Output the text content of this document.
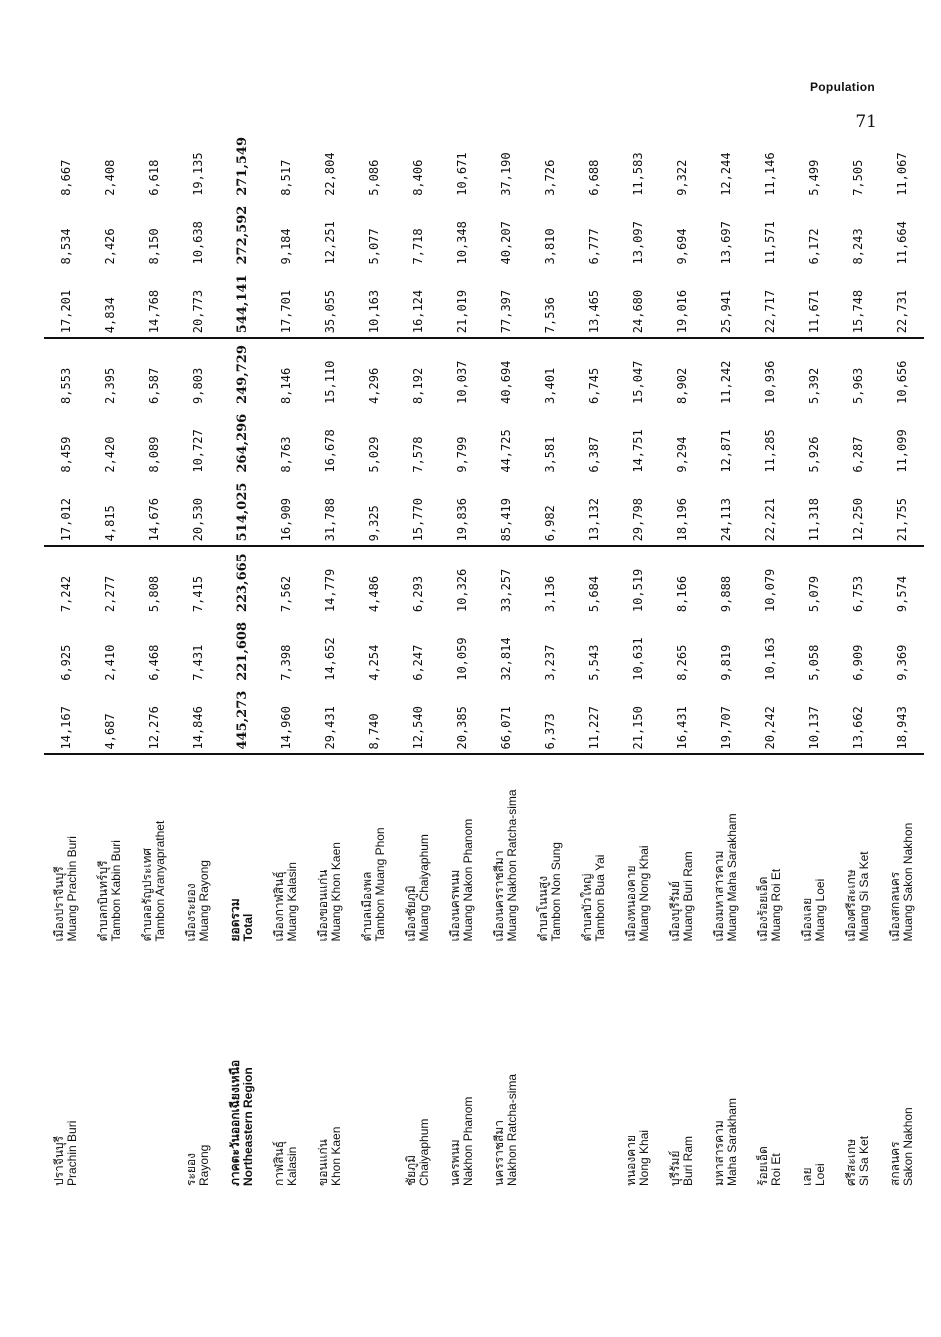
Population
71
ปราจีนบุรี Prachin Buri	เมืองปราจีนบุรี Muang Prachin Buri	14,167	6,925	7,242	17,012	8,459	8,553	17,201	8,534	8,667

	ตำบลกบินทร์บุรี Tambon Kabin Buri	4,687	2,410	2,277	4,815	2,420	2,395	4,834	2,426	2,408

	ตำบลอรัญประเทศ Tambon Aranyaprathet	12,276	6,468	5,808	14,676	8,089	6,587	14,768	8,150	6,618

ระยอง Rayong	เมืองระยอง Muang Rayong	14,846	7,431	7,415	20,530	10,727	9,803	20,773	10,638	19,135

ภาคตะวันออกเฉียงเหนือ Northeastern Region	ยอดรวม Total	445,273	221,608	223,665	514,025	264,296	249,729	544,141	272,592	271,549

กาฬสินธุ์ Kalasin	เมืองกาฬสินธุ์ Muang Kalasin	14,960	7,398	7,562	16,909	8,763	8,146	17,701	9,184	8,517

ขอนแก่น Khon Kaen	เมืองขอนแก่น Muang Khon Kaen	29,431	14,652	14,779	31,788	16,678	15,110	35,055	12,251	22,804

	ตำบลเมืองพล Tambon Muang Phon	8,740	4,254	4,486	9,325	5,029	4,296	10,163	5,077	5,086

ชัยภูมิ Chaiyaphum	เมืองชัยภูมิ Muang Chaiyaphum	12,540	6,247	6,293	15,770	7,578	8,192	16,124	7,718	8,406

นครพนม Nakhon Phanom	เมืองนครพนม Muang Nakon Phanom	20,385	10,059	10,326	19,836	9,799	10,037	21,019	10,348	10,671

นครราชสีมา Nakhon Ratcha-sima	เมืองนครราชสีมา Muang Nakhon Ratcha-sima	66,071	32,814	33,257	85,419	44,725	40,694	77,397	40,207	37,190

	ตำบลโนนสูง Tambon Non Sung	6,373	3,237	3,136	6,982	3,581	3,401	7,536	3,810	3,726

	ตำบลบัวใหญ่ Tambon Bua Yai	11,227	5,543	5,684	13,132	6,387	6,745	13,465	6,777	6,688

หนองคาย Nong Khai	เมืองหนองคาย Muang Nong Khai	21,150	10,631	10,519	29,798	14,751	15,047	24,680	13,097	11,583

บุรีรัมย์ Buri Ram	เมืองบุรีรัมย์ Muang Buri Ram	16,431	8,265	8,166	18,196	9,294	8,902	19,016	9,694	9,322

มหาสารคาม Maha Sarakham	เมืองมหาสารคาม Muang Maha Sarakham	19,707	9,819	9,888	24,113	12,871	11,242	25,941	13,697	12,244

ร้อยเอ็ด Roi Et	เมืองร้อยเอ็ด Muang Roi Et	20,242	10,163	10,079	22,221	11,285	10,936	22,717	11,571	11,146

เลย Loei	เมืองเลย Muang Loei	10,137	5,058	5,079	11,318	5,926	5,392	11,671	6,172	5,499

ศรีสะเกษ Si Sa Ket	เมืองศรีสะเกษ Muang Si Sa Ket	13,662	6,909	6,753	12,250	6,287	5,963	15,748	8,243	7,505

สกลนคร Sakon Nakhon	เมืองสกลนคร Muang Sakon Nakhon	18,943	9,369	9,574	21,755	11,099	10,656	22,731	11,664	11,067
